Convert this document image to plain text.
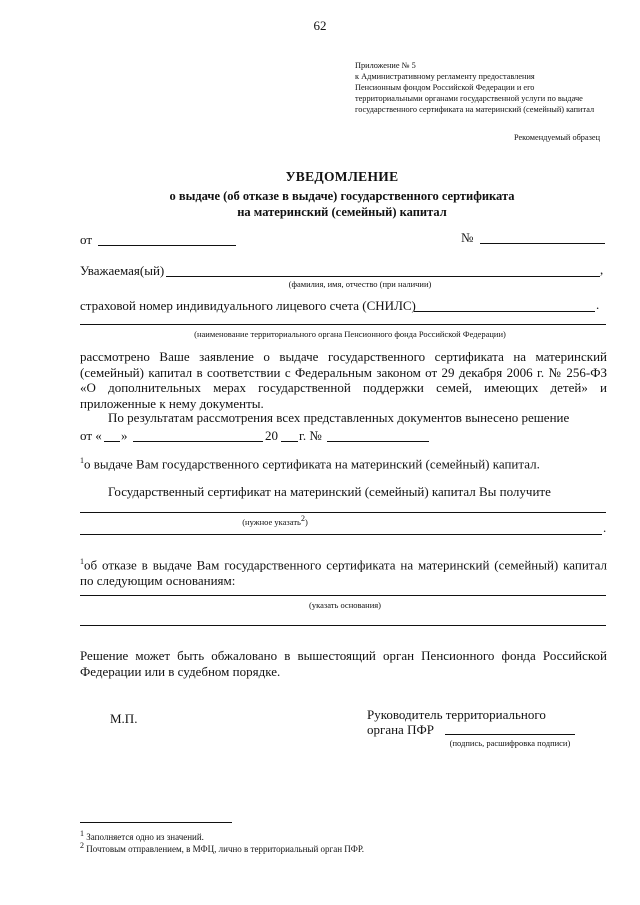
62
Приложение № 5
к Административному регламенту предоставления
Пенсионным фондом Российской Федерации и его
территориальными органами государственной услуги по выдаче
государственного сертификата на материнский (семейный) капитал
Рекомендуемый образец
УВЕДОМЛЕНИЕ
о выдаче (об отказе в выдаче) государственного сертификата
на материнский (семейный) капитал
от	№
Уважаемая(ый)	,
(фамилия, имя, отчество (при наличии)
страховой номер индивидуального лицевого счета (СНИЛС)	.
(наименование территориального органа Пенсионного фонда Российской Федерации)
рассмотрено Ваше заявление о выдаче государственного сертификата на материнский (семейный) капитал в соответствии с Федеральным законом от 29 декабря 2006 г. № 256-ФЗ «О дополнительных мерах государственной поддержки семей, имеющих детей» и приложенные к нему документы.
По результатам рассмотрения всех представленных документов вынесено решение
от « »	20 г. №
$^1$о выдаче Вам государственного сертификата на материнский (семейный) капитал.
Государственный сертификат на материнский (семейный) капитал Вы получите
(нужное указать$^2$)	.
$^1$об отказе в выдаче Вам государственного сертификата на материнский (семейный) капитал по следующим основаниям:
(указать основания)
Решение может быть обжаловано в вышестоящий орган Пенсионного фонда Российской Федерации или в судебном порядке.
М.П.	Руководитель территориального
органа ПФР
(подпись, расшифровка подписи)
$^1$ Заполняется одно из значений.
$^2$ Почтовым отправлением, в МФЦ, лично в территориальный орган ПФР.
